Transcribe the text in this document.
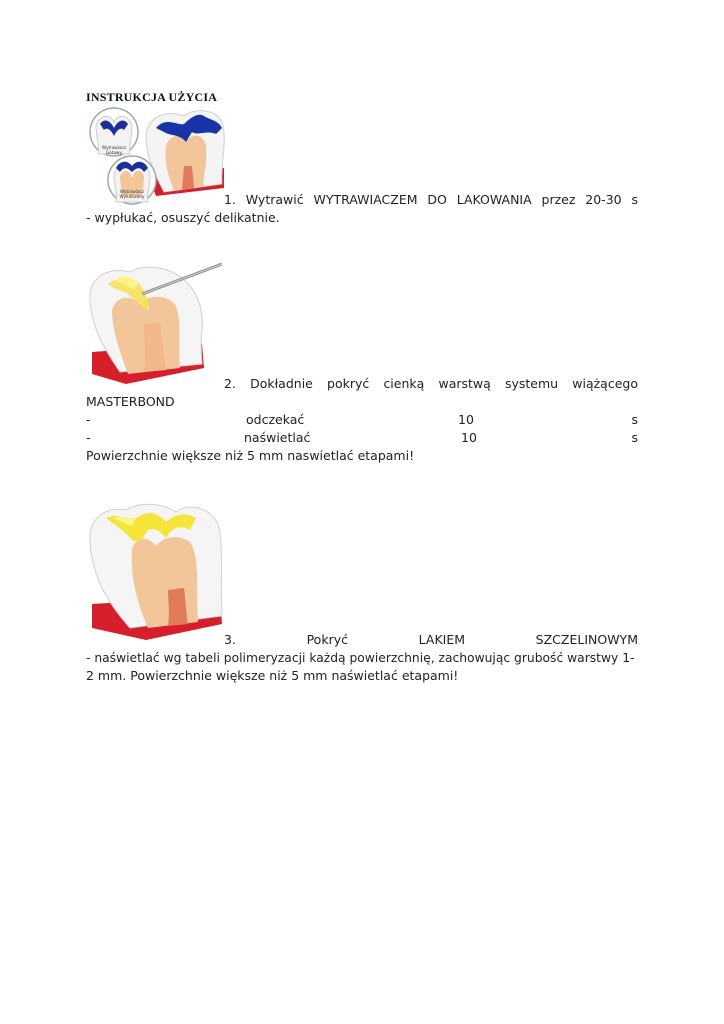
INSTRUKCJA UŻYCIA
Wytrawiacz
Gotowy
Wytrawiacz
Wyłukiwany	1. Wytrawić WYTRAWIACZEM DO LAKOWANIA przez 20-30 s
- wypłukać, osuszyć delikatnie.
2. Dokładnie pokryć cienką warstwą systemu wiążącego
MASTERBOND
-	odczekać	10	s
-	naświetlać	10	s
Powierzchnie większe niż 5 mm naswietlać etapami!
3.	Pokryć	LAKIEM	SZCZELINOWYM
- naświetlać wg tabeli polimeryzacji każdą powierzchnię, zachowując grubość warstwy 1-
2 mm. Powierzchnie większe niż 5 mm naświetlać etapami!
